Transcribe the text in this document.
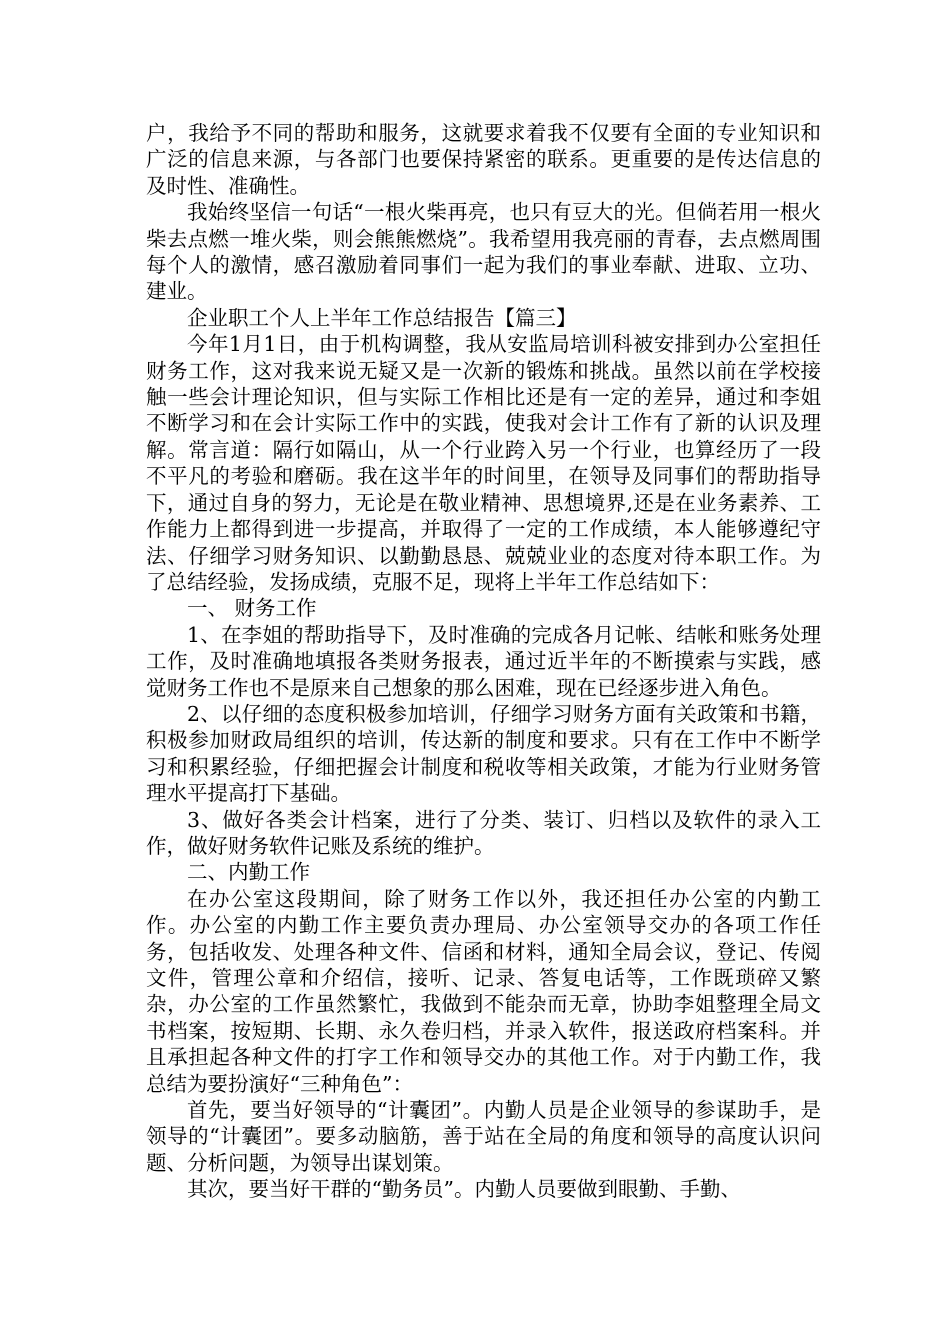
户，我给予不同的帮助和服务，这就要求着我不仅要有全面的专业知识和广泛的信息来源，与各部门也要保持紧密的联系。更重要的是传达信息的及时性、准确性。

我始终坚信一句话“一根火柴再亮，也只有豆大的光。但倘若用一根火柴去点燃一堆火柴，则会熊熊燃烧”。我希望用我亮丽的青春，去点燃周围每个人的激情，感召激励着同事们一起为我们的事业奉献、进取、立功、建业。

企业职工个人上半年工作总结报告【篇三】

今年1月1日，由于机构调整，我从安监局培训科被安排到办公室担任财务工作，这对我来说无疑又是一次新的锻炼和挑战。虽然以前在学校接触一些会计理论知识，但与实际工作相比还是有一定的差异，通过和李姐不断学习和在会计实际工作中的实践，使我对会计工作有了新的认识及理解。常言道：隔行如隔山，从一个行业跨入另一个行业，也算经历了一段不平凡的考验和磨砺。我在这半年的时间里，在领导及同事们的帮助指导下，通过自身的努力，无论是在敬业精神、思想境界,还是在业务素养、工作能力上都得到进一步提高，并取得了一定的工作成绩，本人能够遵纪守法、仔细学习财务知识、以勤勤恳恳、兢兢业业的态度对待本职工作。为了总结经验，发扬成绩，克服不足，现将上半年工作总结如下：

一、 财务工作

1、在李姐的帮助指导下，及时准确的完成各月记帐、结帐和账务处理工作，及时准确地填报各类财务报表，通过近半年的不断摸索与实践，感觉财务工作也不是原来自己想象的那么困难，现在已经逐步进入角色。

2、以仔细的态度积极参加培训，仔细学习财务方面有关政策和书籍，积极参加财政局组织的培训，传达新的制度和要求。只有在工作中不断学习和积累经验，仔细把握会计制度和税收等相关政策，才能为行业财务管理水平提高打下基础。

3、做好各类会计档案，进行了分类、装订、归档以及软件的录入工作，做好财务软件记账及系统的维护。

二、内勤工作

在办公室这段期间，除了财务工作以外，我还担任办公室的内勤工作。办公室的内勤工作主要负责办理局、办公室领导交办的各项工作任务，包括收发、处理各种文件、信函和材料，通知全局会议，登记、传阅文件，管理公章和介绍信，接听、记录、答复电话等，工作既琐碎又繁杂，办公室的工作虽然繁忙，我做到不能杂而无章，协助李姐整理全局文书档案，按短期、长期、永久卷归档，并录入软件，报送政府档案科。并且承担起各种文件的打字工作和领导交办的其他工作。对于内勤工作，我总结为要扮演好“三种角色”：

首先，要当好领导的“计囊团”。内勤人员是企业领导的参谋助手，是领导的“计囊团”。要多动脑筋，善于站在全局的角度和领导的高度认识问题、分析问题，为领导出谋划策。

其次，要当好干群的“勤务员”。内勤人员要做到眼勤、手勤、
